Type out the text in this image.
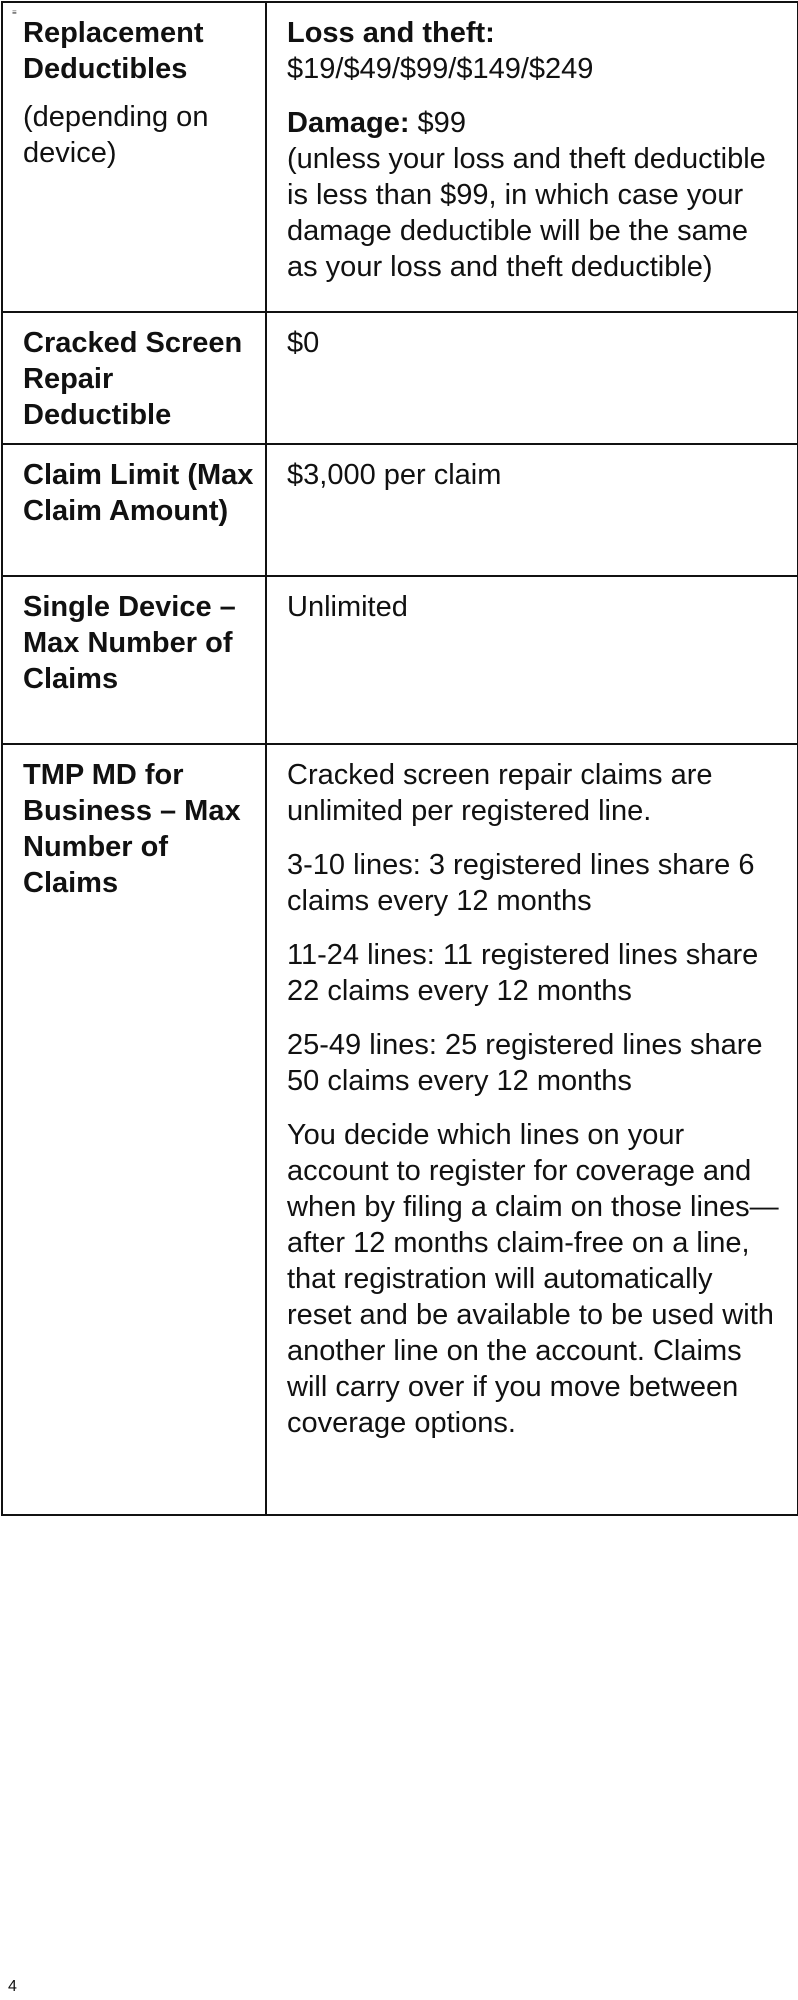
≡

Replacement Deductibles

(depending on device)

Loss and theft:
$19/$49/$99/$149/$249

Damage: $99
(unless your loss and theft deductible is less than $99, in which case your damage deductible will be the same as your loss and theft deductible)

Cracked Screen Repair Deductible

$0

Claim Limit (Max Claim Amount)

$3,000 per claim

Single Device – Max Number of Claims

Unlimited

TMP MD for Business – Max Number of Claims

Cracked screen repair claims are unlimited per registered line.

3-10 lines: 3 registered lines share 6 claims every 12 months

11-24 lines: 11 registered lines share 22 claims every 12 months

25-49 lines: 25 registered lines share 50 claims every 12 months

You decide which lines on your account to register for coverage and when by filing a claim on those lines—after 12 months claim-free on a line, that registration will automatically reset and be available to be used with another line on the account. Claims will carry over if you move between coverage options.

4
